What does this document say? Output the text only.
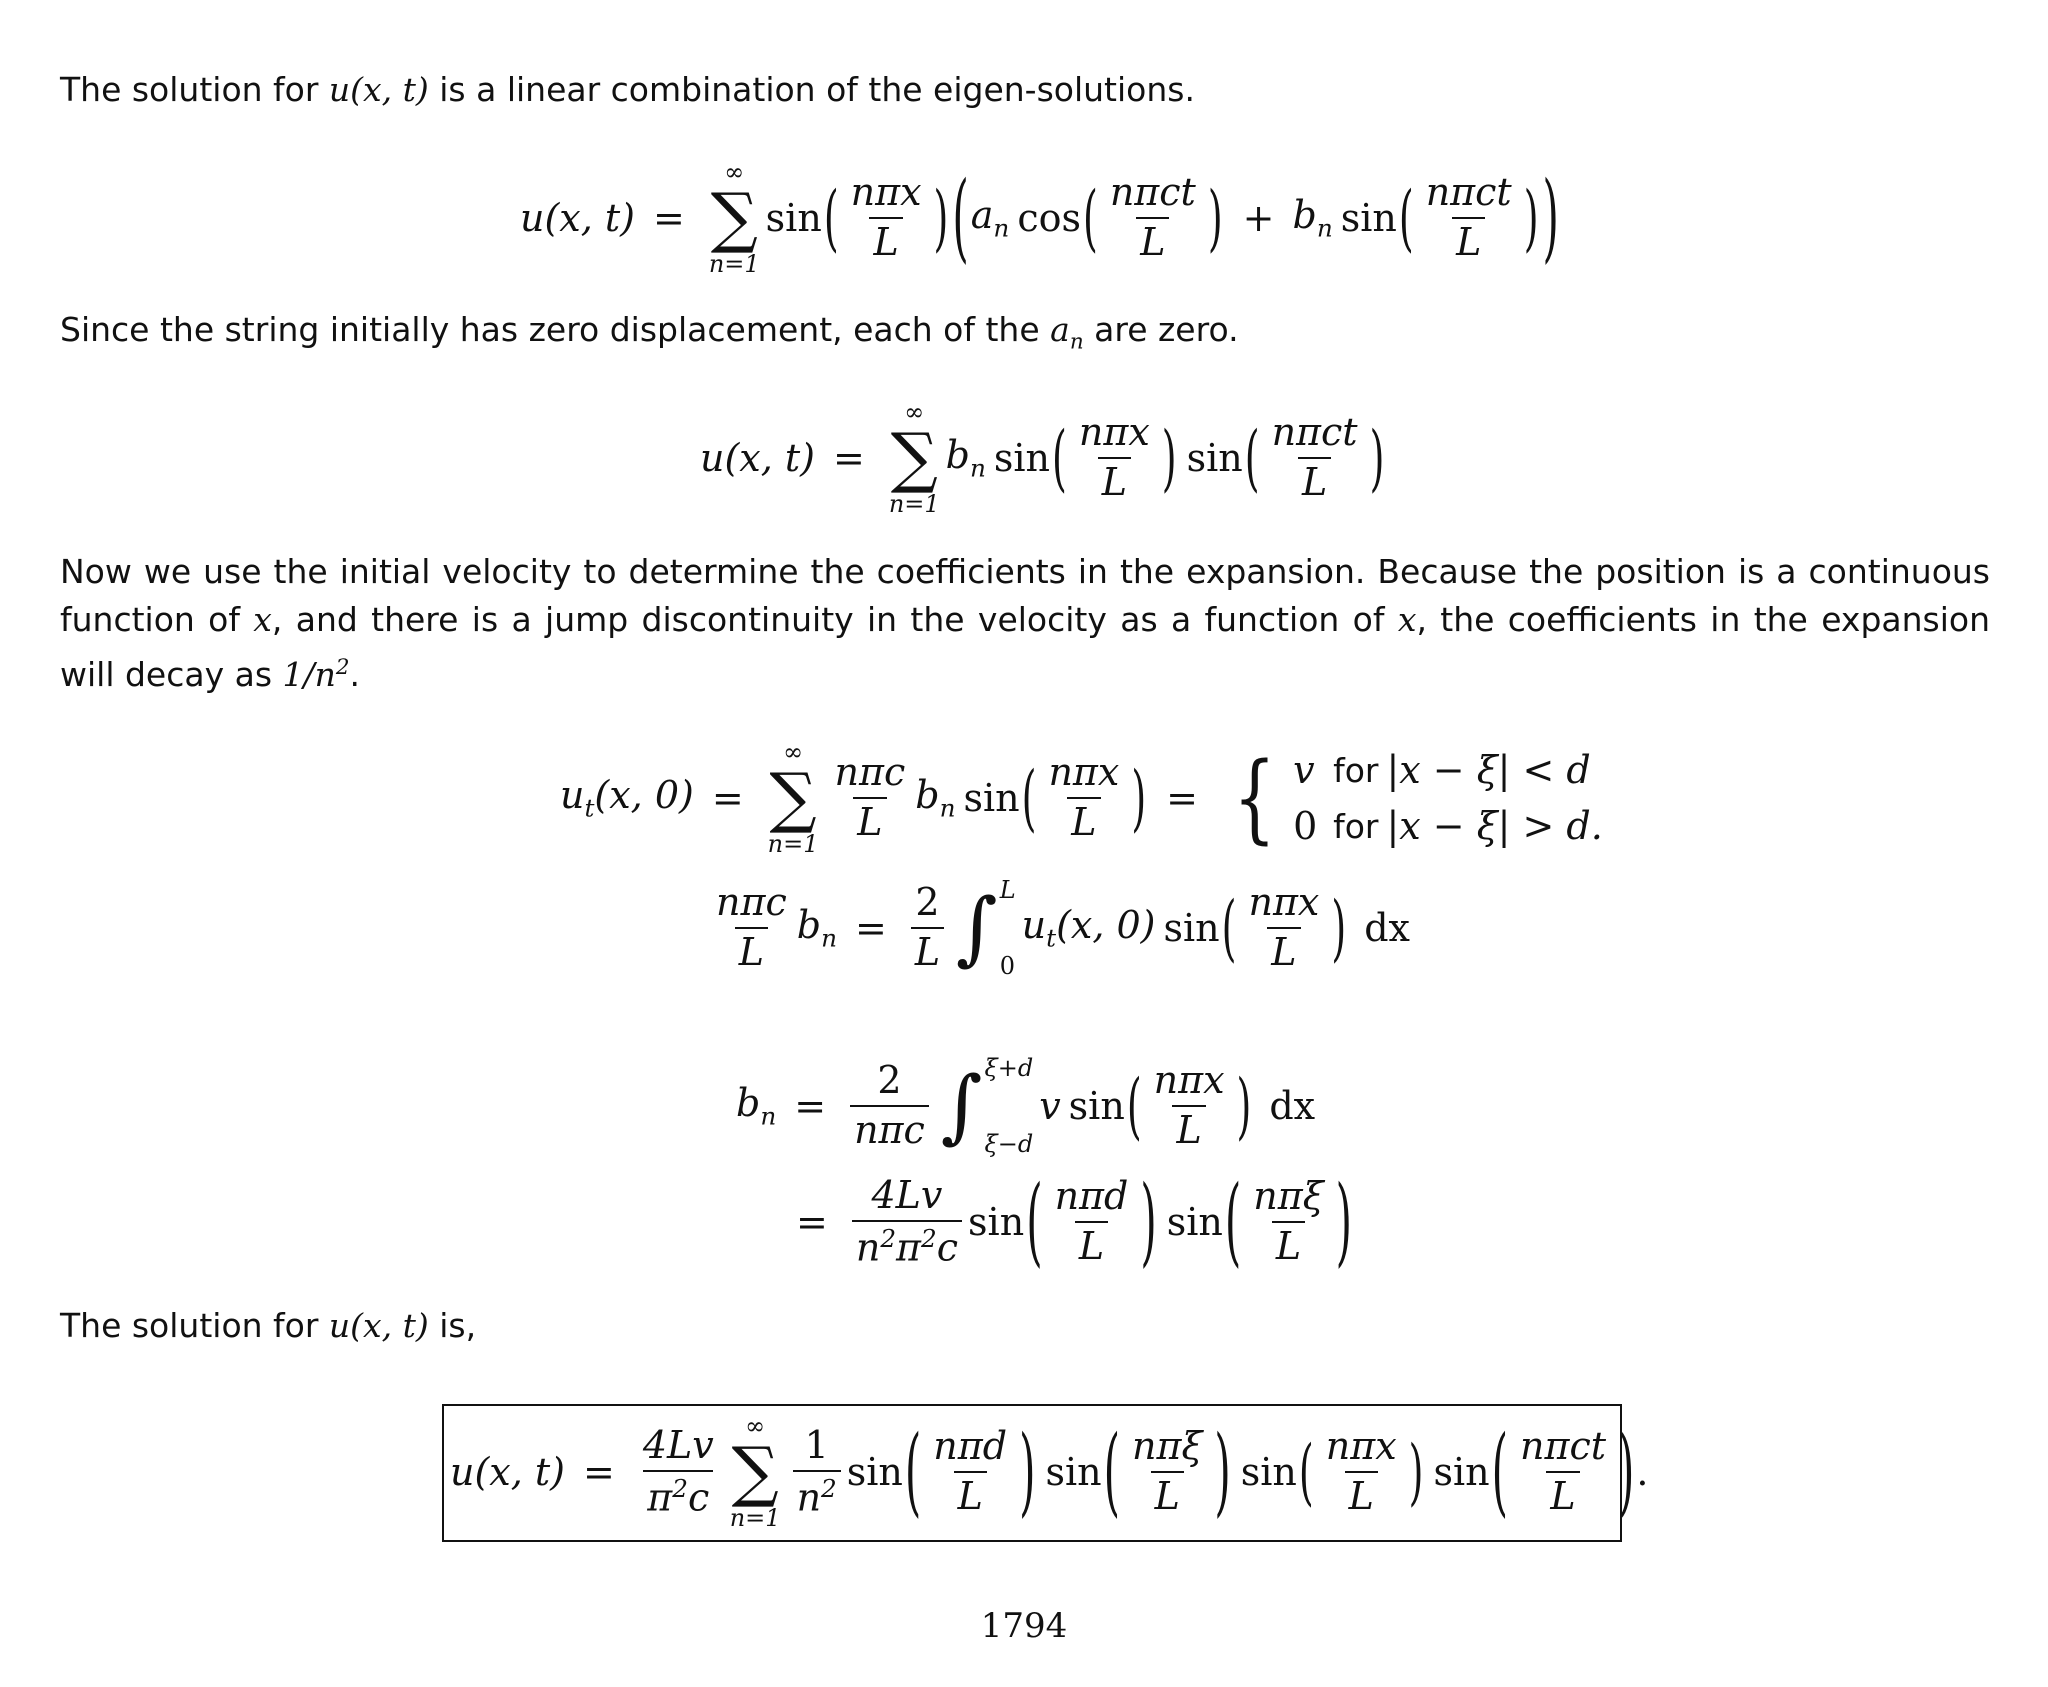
The solution for u(x, t) is a linear combination of the eigen-solutions.
u(x, t) =
∞
∑
n=1
sin ( $\frac{\text{nπx}}{L}$ ) ( $a_n$ cos ( $\frac{\text{nπct}}{L}$ ) + $b_n$ sin ( $\frac{\text{nπct}}{L}$ ) )
Since the string initially has zero displacement, each of the $a_n$ are zero.
u(x, t) =
∞
∑
n=1
$b_n$ sin ( $\frac{\text{nπx}}{L}$ ) sin ( $\frac{\text{nπct}}{L}$ )
Now we use the initial velocity to determine the coefficients in the expansion. Because the position is a continuous function of x, and there is a jump discontinuity in the velocity as a function of x, the coefficients in the expansion will decay as $1/n^2$.
$u_t(x$, 0) =
∞
∑
n=1
$\frac{\text{nπc}}{L} b_n$ sin ( $\frac{\text{nπx}}{L}$ ) = { v for |x − ξ| < d
0 for |x − ξ| > d.
$\frac{\text{nπc}}{L} b_n = \frac{2}{L}$ ∫ L
0
$u_t(x$, 0) sin ( $\frac{\text{nπx}}{L}$ ) dx
$b_n = \frac{2}{\text{nπc}}$ ∫ ξ+d
ξ−d
v sin ( $\frac{\text{nπx}}{L}$ ) dx
= $\frac{4Lv}{n^2\pi^2c}$ sin ( $\frac{\text{nπd}}{L}$ ) sin ( $\frac{\text{nπξ}}{L}$ )
The solution for u(x, t) is,
u(x, $t) = \frac{4Lv}{\pi^2c}$ ∞
∑
$n=1 \frac{1}{n^2}$ sin ( $\frac{\text{nπd}}{L}$ ) sin ( $\frac{\text{nπξ}}{L}$ ) sin ( $\frac{\text{nπx}}{L}$ ) sin ( $\frac{\text{nπct}}{L}$ ) .
1794
